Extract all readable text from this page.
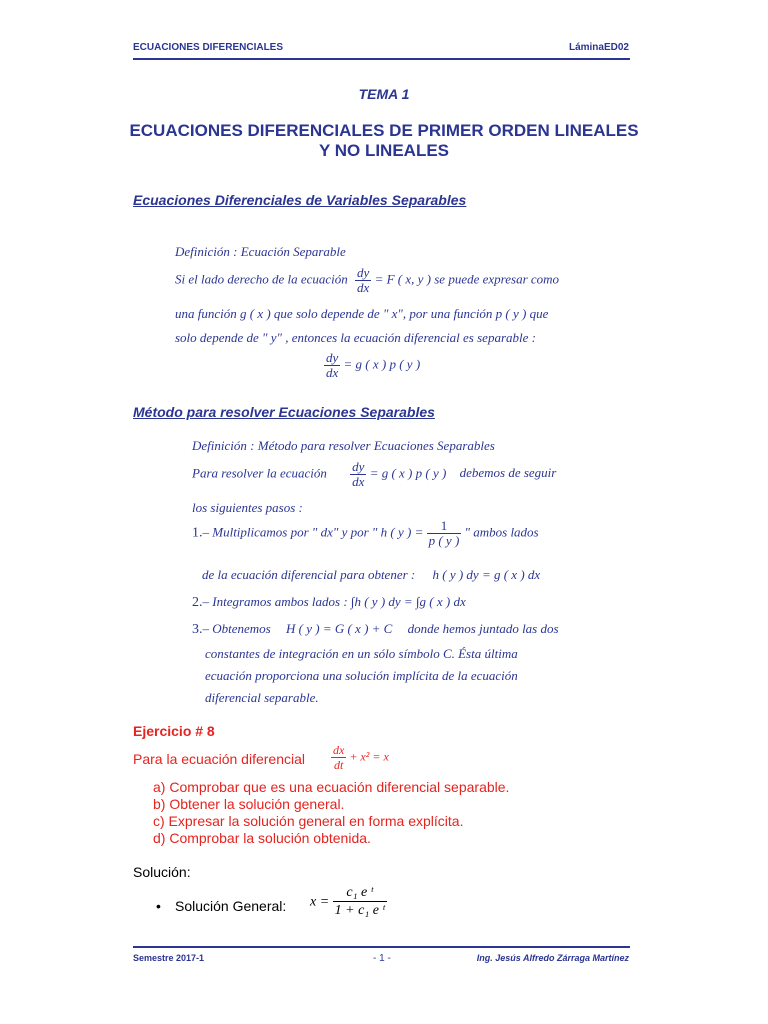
ECUACIONES DIFERENCIALES	LáminaED02
TEMA 1
ECUACIONES DIFERENCIALES DE PRIMER ORDEN LINEALES
Y NO LINEALES
Ecuaciones Diferenciales de Variables Separables
Definición : Ecuación Separable
Si el lado derecho de la ecuación $\frac{dy}{dx} = F$ ( x, y ) se puede expresar como
una función g ( x ) que solo depende de " x", por una función p ( y ) que
solo depende de " y" , entonces la ecuación diferencial es separable :
$\frac{dy}{dx} = g$ ( x ) p ( y )
Método para resolver Ecuaciones Separables
Definición : Método para resolver Ecuaciones Separables
Para resolver la ecuación $\frac{dy}{dx} = g$ ( x ) p ( y ) debemos de seguir
los siguientes pasos :
1.– Multiplicamos por " dx" y por " h ( y ) = $\frac{1}{p ( y )}$ " ambos lados
de la ecuación diferencial para obtener : h ( y ) dy = g ( x ) dx
2.– Integramos ambos lados : ∫h ( y ) dy = ∫g ( x ) dx
3.– Obtenemos H ( y ) = G ( x ) + C donde hemos juntado las dos
constantes de integración en un sólo símbolo C. Ésta última
ecuación proporciona una solución implícita de la ecuación
diferencial separable.
Ejercicio # 8
Para la ecuación diferencial $\frac{dx}{dt} + x^2 = x$
a) Comprobar que es una ecuación diferencial separable.
b) Obtener la solución general.
c) Expresar la solución general en forma explícita.
d) Comprobar la solución obtenida.
Solución:
• Solución General: $x = \frac{\text{c₁ e ᵗ}}{\text{1 + c₁ e ᵗ}}$
Semestre 2017-1	- 1 -	Ing. Jesús Alfredo Zárraga Martínez
